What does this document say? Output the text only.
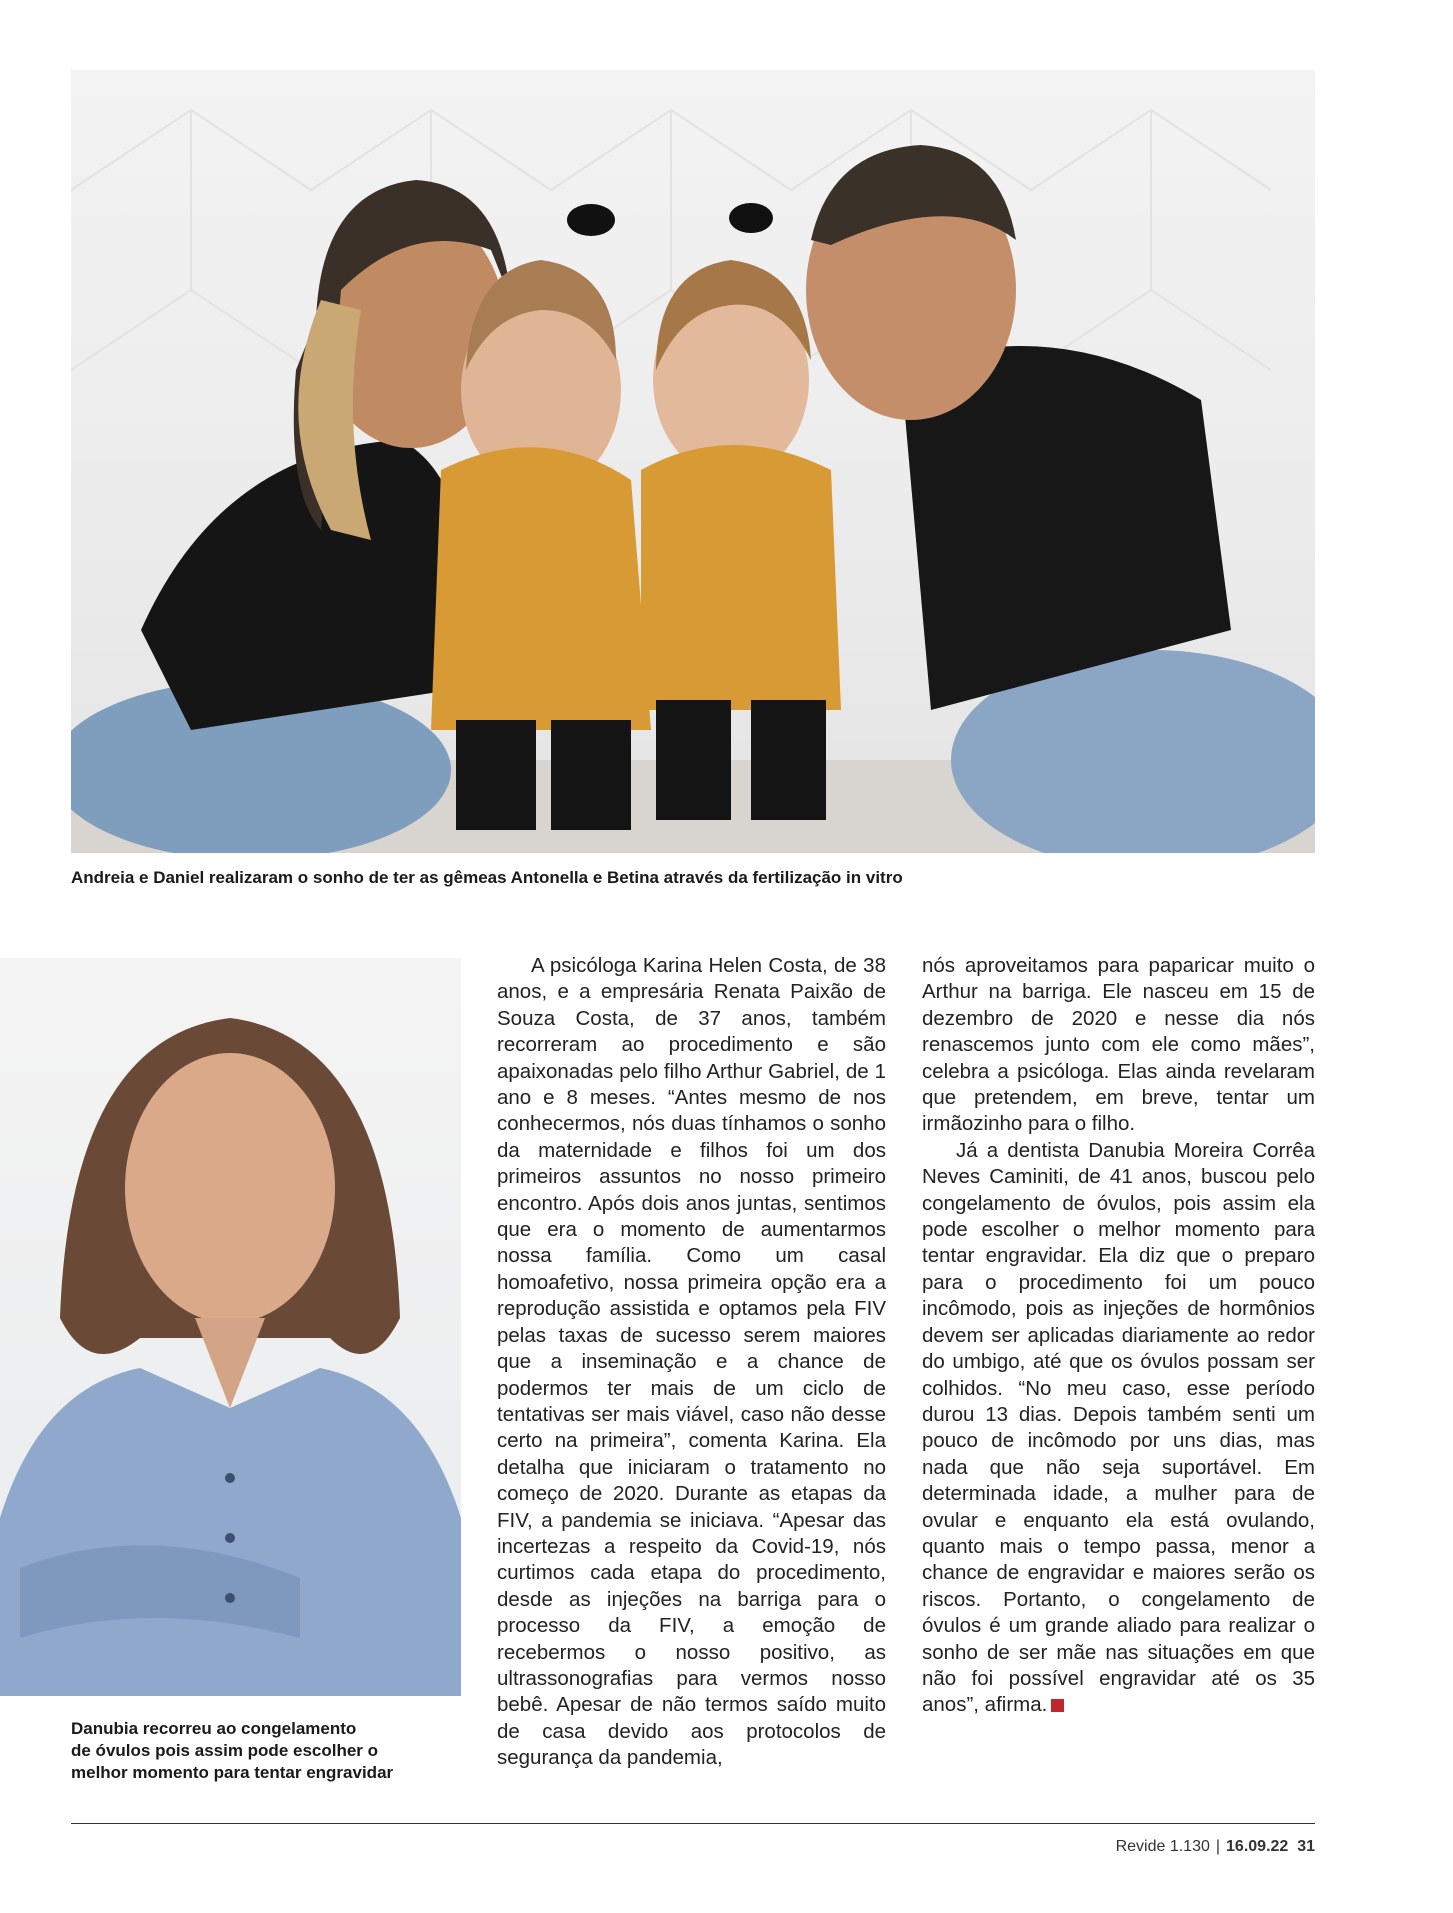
Andreia e Daniel realizaram o sonho de ter as gêmeas Antonella e Betina através da fertilização in vitro
Danubia recorreu ao congelamento
de óvulos pois assim pode escolher o
melhor momento para tentar engravidar

A psicóloga Karina Helen Costa, de 38 anos, e a empresária Renata Paixão de Souza Costa, de 37 anos, também recorreram ao procedimento e são apaixonadas pelo filho Arthur Gabriel, de 1 ano e 8 meses. “Antes mesmo de nos conhecermos, nós duas tínhamos o sonho da maternidade e filhos foi um dos primeiros assuntos no nosso primeiro encontro. Após dois anos juntas, sentimos que era o momento de aumentarmos nossa família. Como um casal homoafetivo, nossa primeira opção era a reprodução assistida e optamos pela FIV pelas taxas de sucesso serem maiores que a inseminação e a chance de podermos ter mais de um ciclo de tentativas ser mais viável, caso não desse certo na primeira”, comenta Karina. Ela detalha que iniciaram o tratamento no começo de 2020. Durante as etapas da FIV, a pandemia se iniciava. “Apesar das incertezas a respeito da Covid-19, nós curtimos cada etapa do procedimento, desde as injeções na barriga para o processo da FIV, a emoção de recebermos o nosso positivo, as ultrassonografias para vermos nosso bebê. Apesar de não termos saído muito de casa devido aos protocolos de segurança da pandemia,

nós aproveitamos para paparicar muito o Arthur na barriga. Ele nasceu em 15 de dezembro de 2020 e nesse dia nós renascemos junto com ele como mães”, celebra a psicóloga. Elas ainda revelaram que pretendem, em breve, tentar um irmãozinho para o filho.

Já a dentista Danubia Moreira Corrêa Neves Caminiti, de 41 anos, buscou pelo congelamento de óvulos, pois assim ela pode escolher o melhor momento para tentar engravidar. Ela diz que o preparo para o procedimento foi um pouco incômodo, pois as injeções de hormônios devem ser aplicadas diariamente ao redor do umbigo, até que os óvulos possam ser colhidos. “No meu caso, esse período durou 13 dias. Depois também senti um pouco de incômodo por uns dias, mas nada que não seja suportável. Em determinada idade, a mulher para de ovular e enquanto ela está ovulando, quanto mais o tempo passa, menor a chance de engravidar e maiores serão os riscos. Portanto, o congelamento de óvulos é um grande aliado para realizar o sonho de ser mãe nas situações em que não foi possível engravidar até os 35 anos”, afirma.	R

Revide 1.130 | 16.09.22 31
